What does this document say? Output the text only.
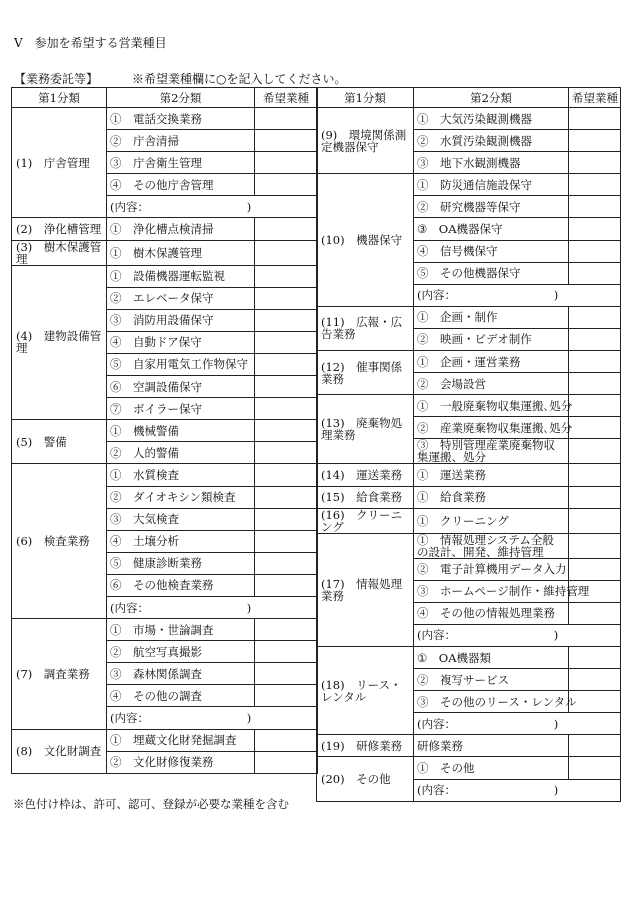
V　参加を希望する営業種目
【業務委託等】	※希望業種欄に○を記入してください。
第1分類	第2分類	希望業種
(1)　庁舎管理	①　電話交換業務	
	②　庁舎清掃	
	③　庁舎衛生管理	
	④　その他庁舎管理	
	(内容：　　　　　　　　　)	
(2)　浄化槽管理	①　浄化槽点検清掃	
(3)　樹木保護管理	①　樹木保護管理	
(4)　建物設備管理	①　設備機器運転監視	
	②　エレベータ保守	
	③　消防用設備保守	
	④　自動ドア保守	
	⑤　自家用電気工作物保守	
	⑥　空調設備保守	
	⑦　ボイラー保守	
(5)　警備	①　機械警備	
	②　人的警備	
(6)　検査業務	①　水質検査	
	②　ダイオキシン類検査	
	③　大気検査	
	④　土壌分析	
	⑤　健康診断業務	
	⑥　その他検査業務	
	(内容：　　　　　　　　　)	
(7)　調査業務	①　市場・世論調査	
	②　航空写真撮影	
	③　森林関係調査	
	④　その他の調査	
	(内容：　　　　　　　　　)	
(8)　文化財調査	①　埋蔵文化財発掘調査	
	②　文化財修復業務	
第1分類	第2分類	希望業種
(9)　環境関係測定機器保守	①　大気汚染観測機器	
	②　水質汚染観測機器	
	③　地下水観測機器	
(10)　機器保守	①　防災通信施設保守	
	②　研究機器等保守	
	③　OA機器保守	
	④　信号機保守	
	⑤　その他機器保守	
	(内容：　　　　　　　　　)	
(11)　広報・広告業務	①　企画・制作	
	②　映画・ビデオ制作	
(12)　催事関係業務	①　企画・運営業務	
	②　会場設営	
(13)　廃棄物処理業務	①　一般廃棄物収集運搬､処分	
	②　産業廃棄物収集運搬､処分	
	③　特別管理産業廃棄物収集運搬、処分	
(14)　運送業務	①　運送業務	
(15)　給食業務	①　給食業務	
(16)　クリーニング	①　クリーニング	
(17)　情報処理業務	①　情報処理システム全般の設計、開発、維持管理	
	②　電子計算機用データ入力	
	③　ホームページ制作・維持管理	
	④　その他の情報処理業務	
	(内容：　　　　　　　　　)	
(18)　リース・レンタル	①　OA機器類	
	②　複写サービス	
	③　その他のリース・レンタル	
	(内容：　　　　　　　　　)	
(19)　研修業務	研修業務	
(20)　その他	①　その他	
	(内容：　　　　　　　　　)	
※色付け枠は、許可、認可、登録が必要な業種を含む
